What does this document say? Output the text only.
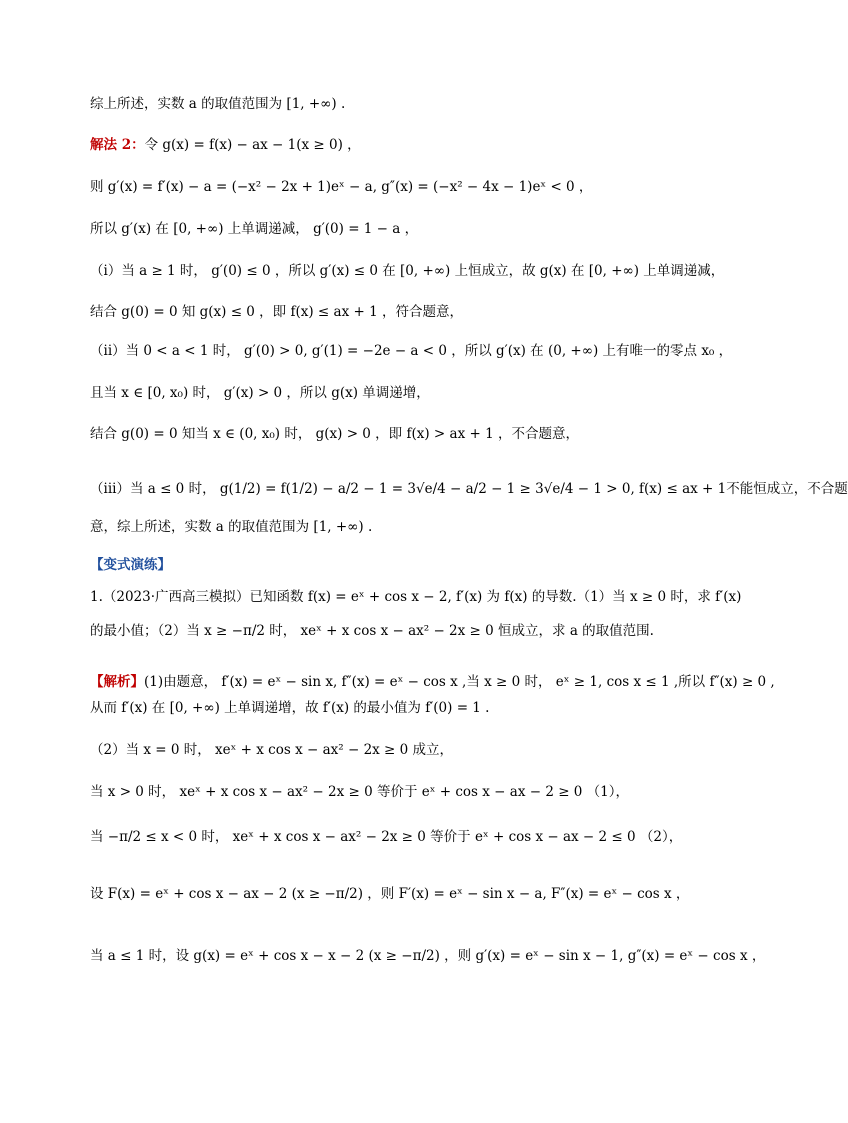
综上所述，实数 a 的取值范围为 [1, +∞) .
解法 2：令 g(x) = f(x) − ax − 1(x ≥ 0) ，
则 g′(x) = f′(x) − a = (−x² − 2x + 1)eˣ − a, g″(x) = (−x² − 4x − 1)eˣ < 0 ，
所以 g′(x) 在 [0, +∞) 上单调递减， g′(0) = 1 − a ，
（i）当 a ≥ 1 时， g′(0) ≤ 0 ，所以 g′(x) ≤ 0 在 [0, +∞) 上恒成立，故 g(x) 在 [0, +∞) 上单调递减，
结合 g(0) = 0 知 g(x) ≤ 0 ，即 f(x) ≤ ax + 1 ，符合题意，
（ii）当 0 < a < 1 时， g′(0) > 0, g′(1) = −2e − a < 0 ，所以 g′(x) 在 (0, +∞) 上有唯一的零点 x₀ ，
且当 x ∈ [0, x₀) 时， g′(x) > 0 ，所以 g(x) 单调递增，
结合 g(0) = 0 知当 x ∈ (0, x₀) 时， g(x) > 0 ，即 f(x) > ax + 1 ，不合题意，
（iii）当 a ≤ 0 时， g(1/2) = f(1/2) − a/2 − 1 = 3√e/4 − a/2 − 1 ≥ 3√e/4 − 1 > 0, f(x) ≤ ax + 1不能恒成立，不合题
意，综上所述，实数 a 的取值范围为 [1, +∞) .
【变式演练】
1.（2023·广西高三模拟）已知函数 f(x) = eˣ + cos x − 2, f′(x) 为 f(x) 的导数.（1）当 x ≥ 0 时，求 f′(x)
的最小值；（2）当 x ≥ −π/2 时， xeˣ + x cos x − ax² − 2x ≥ 0 恒成立，求 a 的取值范围.
【解析】(1)由题意， f′(x) = eˣ − sin x, f″(x) = eˣ − cos x ,当 x ≥ 0 时， eˣ ≥ 1, cos x ≤ 1 ,所以 f″(x) ≥ 0 ,
从而 f′(x) 在 [0, +∞) 上单调递增，故 f′(x) 的最小值为 f′(0) = 1 .
（2）当 x = 0 时， xeˣ + x cos x − ax² − 2x ≥ 0 成立，
当 x > 0 时， xeˣ + x cos x − ax² − 2x ≥ 0 等价于 eˣ + cos x − ax − 2 ≥ 0 （1），
当 −π/2 ≤ x < 0 时， xeˣ + x cos x − ax² − 2x ≥ 0 等价于 eˣ + cos x − ax − 2 ≤ 0 （2），
设 F(x) = eˣ + cos x − ax − 2 (x ≥ −π/2) ，则 F′(x) = eˣ − sin x − a, F″(x) = eˣ − cos x ，
当 a ≤ 1 时，设 g(x) = eˣ + cos x − x − 2 (x ≥ −π/2) ，则 g′(x) = eˣ − sin x − 1, g″(x) = eˣ − cos x ，
